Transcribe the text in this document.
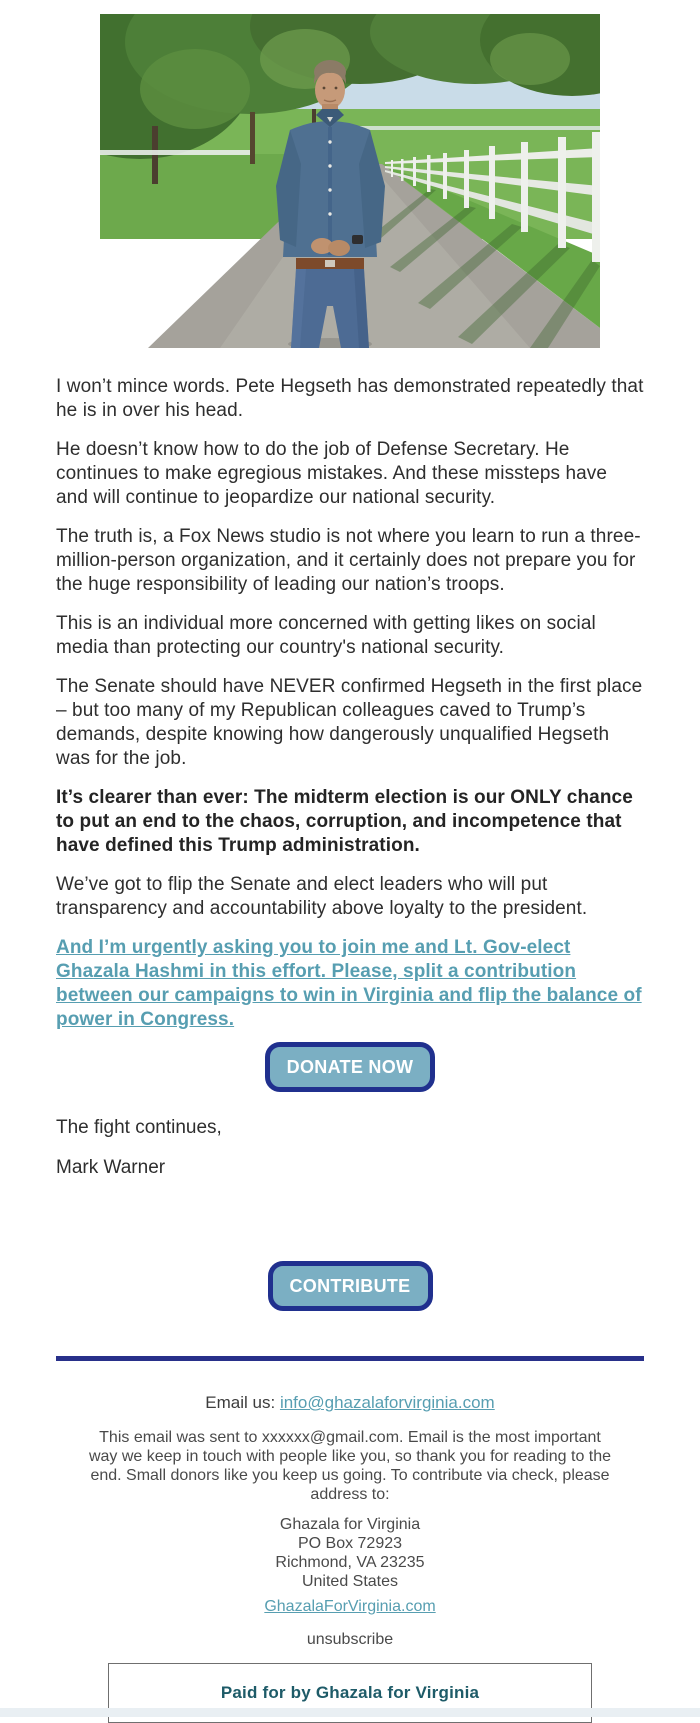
I won’t mince words. Pete Hegseth has demonstrated repeatedly that he is in over his head.

He doesn’t know how to do the job of Defense Secretary. He continues to make egregious mistakes. And these missteps have and will continue to jeopardize our national security.

The truth is, a Fox News studio is not where you learn to run a three-million-person organization, and it certainly does not prepare you for the huge responsibility of leading our nation’s troops.

This is an individual more concerned with getting likes on social media than protecting our country's national security.

The Senate should have NEVER confirmed Hegseth in the first place – but too many of my Republican colleagues caved to Trump’s demands, despite knowing how dangerously unqualified Hegseth was for the job.

It’s clearer than ever: The midterm election is our ONLY chance to put an end to the chaos, corruption, and incompetence that have defined this Trump administration.

We’ve got to flip the Senate and elect leaders who will put transparency and accountability above loyalty to the president.

And I’m urgently asking you to join me and Lt. Gov-elect Ghazala Hashmi in this effort. Please, split a contribution between our campaigns to win in Virginia and flip the balance of power in Congress.

DONATE NOW

The fight continues,

Mark Warner

CONTRIBUTE

Email us: info@ghazalaforvirginia.com

This email was sent to xxxxxx@gmail.com. Email is the most important way we keep in touch with people like you, so thank you for reading to the end. Small donors like you keep us going. To contribute via check, please address to:

Ghazala for Virginia
PO Box 72923
Richmond, VA 23235
United States

GhazalaForVirginia.com

unsubscribe

Paid for by Ghazala for Virginia
